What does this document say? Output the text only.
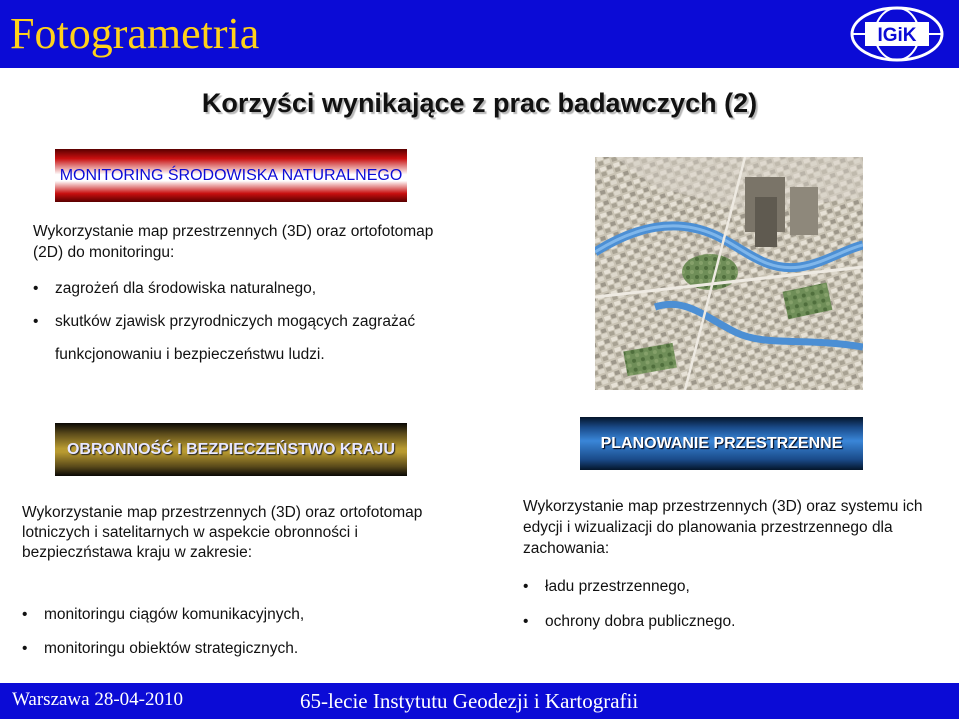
Fotogrametria	IGiK
Korzyści wynikające z prac badawczych (2)
MONITORING ŚRODOWISKA NATURALNEGO
Wykorzystanie map przestrzennych (3D) oraz ortofotomap (2D) do monitoringu:
• zagrożeń dla środowiska naturalnego,
• skutków zjawisk przyrodniczych mogących zagrażać funkcjonowaniu i bezpieczeństwu ludzi.
OBRONNOŚĆ I BEZPIECZEŃSTWO KRAJU
Wykorzystanie map przestrzennych (3D) oraz ortofotomap lotniczych i satelitarnych w aspekcie obronności i bezpieczństawa kraju w zakresie:
• monitoringu ciągów komunikacyjnych,
• monitoringu obiektów strategicznych.
PLANOWANIE PRZESTRZENNE
Wykorzystanie map przestrzennych (3D) oraz systemu ich edycji i wizualizacji do planowania przestrzennego dla zachowania:
• ładu przestrzennego,
• ochrony dobra publicznego.
Warszawa 28-04-2010	65-lecie Instytutu Geodezji i Kartografii
